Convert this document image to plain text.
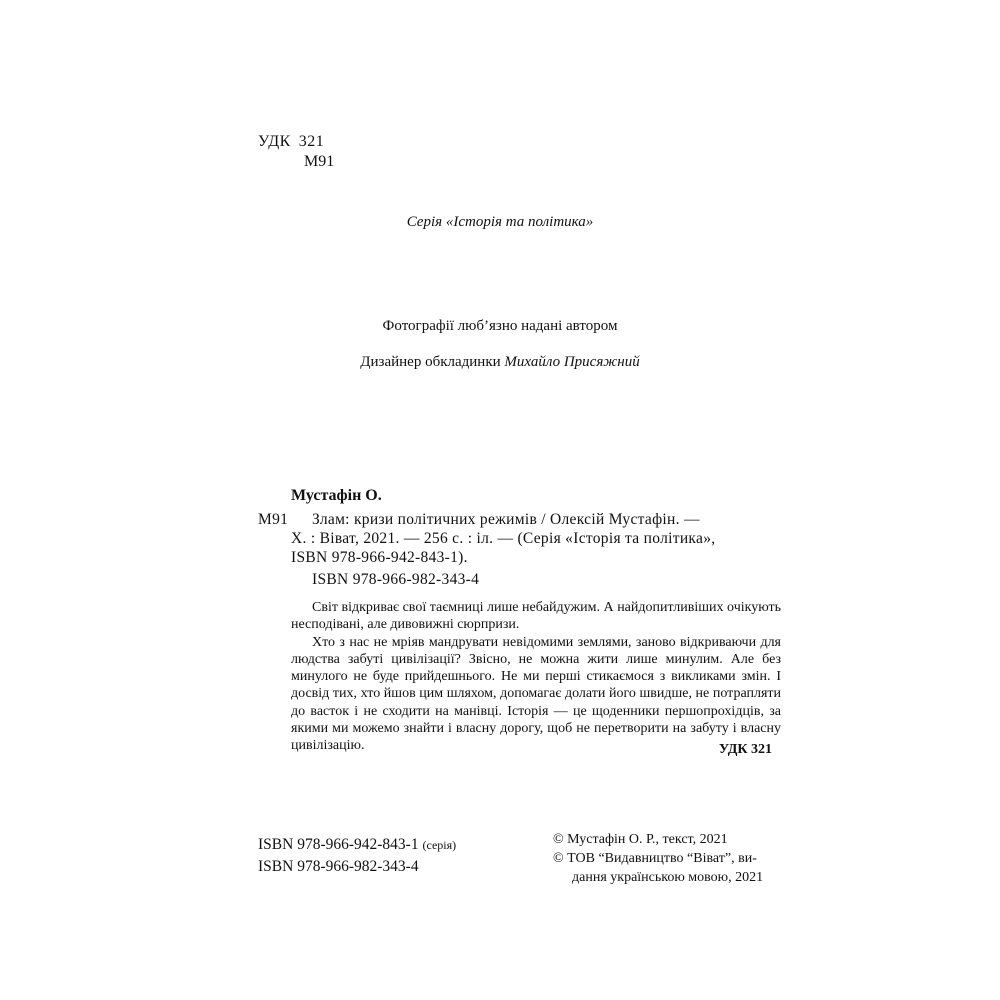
УДК 321
М91
Серія «Історія та політика»
Фотографії люб’язно надані автором
Дизайнер обкладинки Михайло Присяжний
Мустафін О.
М91 Злам: кризи політичних режимів / Олексій Мустафін. —
Х. : Віват, 2021. — 256 с. : іл. — (Серія «Історія та політика»,
ISBN 978-966-942-843-1).
ISBN 978-966-982-343-4

Світ відкриває свої таємниці лише небайдужим. А найдопитливіших очікують несподівані, але дивовижні сюрпризи.

Хто з нас не мріяв мандрувати невідомими землями, заново відкриваючи для людства забуті цивілізації? Звісно, не можна жити лише минулим. Але без минулого не буде прийдешнього. Не ми перші стикаємося з викликами змін. І досвід тих, хто йшов цим шляхом, допомагає долати його швидше, не потрапляти до васток і не сходити на манівці. Історія — це щоденники першопрохідців, за якими ми можемо знайти і власну дорогу, щоб не перетворити на забуту і власну цивілізацію.	УДК 321
ISBN 978-966-942-843-1 (серія)
ISBN 978-966-982-343-4
© Мустафін О. Р., текст, 2021
© ТОВ “Видавництво “Віват”, ви-
дання українською мовою, 2021
